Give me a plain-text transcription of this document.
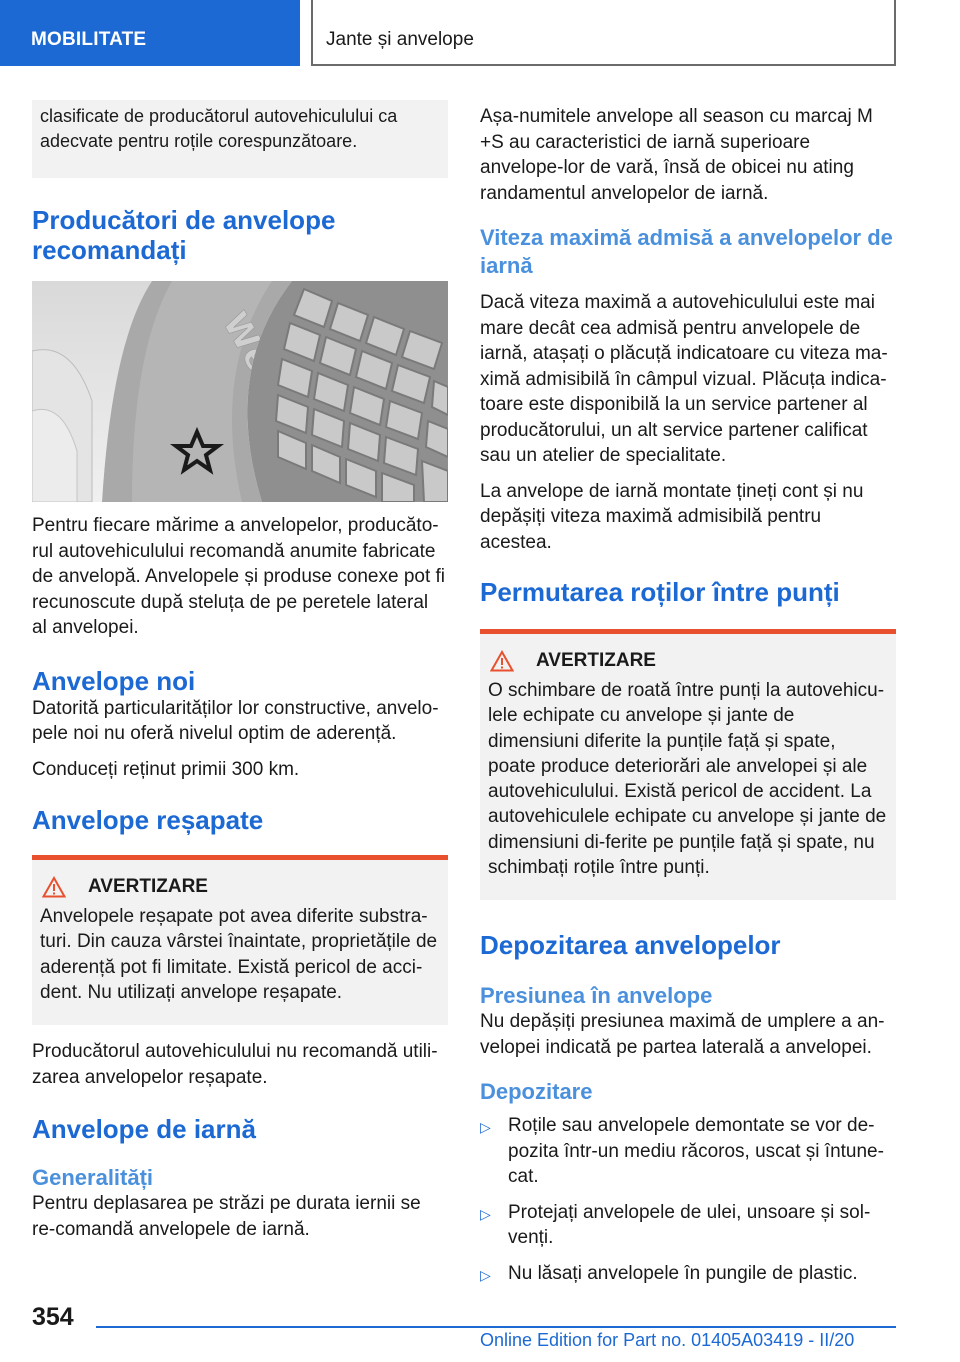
MOBILITATE	Jante și anvelope
clasificate de producătorul autovehiculului ca adecvate pentru roțile corespunzătoare.
Producători de anvelope recomandați

Pentru fiecare mărime a anvelopelor, producăto-rul autovehiculului recomandă anumite fabricate de anvelopă. Anvelopele și produse conexe pot fi recunoscute după steluța de pe peretele lateral al anvelopei.

Anvelope noi

Datorită particularităților lor constructive, anvelo-pele noi nu oferă nivelul optim de aderență.

Conduceți reținut primii 300 km.

Anvelope reșapate
AVERTIZARE
Anvelopele reșapate pot avea diferite substra-turi. Din cauza vârstei înaintate, proprietățile de aderență pot fi limitate. Există pericol de acci-dent. Nu utilizați anvelope reșapate.

Producătorul autovehiculului nu recomandă utili-zarea anvelopelor reșapate.

Anvelope de iarnă
Generalități

Pentru deplasarea pe străzi pe durata iernii se re-comandă anvelopele de iarnă.

Așa-numitele anvelope all season cu marcaj M +S au caracteristici de iarnă superioare anvelope-lor de vară, însă de obicei nu ating randamentul anvelopelor de iarnă.

Viteza maximă admisă a anvelopelor de iarnă

Dacă viteza maximă a autovehiculului este mai mare decât cea admisă pentru anvelopele de iarnă, atașați o plăcuță indicatoare cu viteza ma-ximă admisibilă în câmpul vizual. Plăcuța indica-toare este disponibilă la un service partener al producătorului, un alt service partener calificat sau un atelier de specialitate.

La anvelope de iarnă montate țineți cont și nu depășiți viteza maximă admisibilă pentru acestea.

Permutarea roților între punți
AVERTIZARE
O schimbare de roată între punți la autovehicu-lele echipate cu anvelope și jante de dimensiuni diferite la punțile față și spate, poate produce deteriorări ale anvelopei și ale autovehiculului. Există pericol de accident. La autovehiculele echipate cu anvelope și jante de dimensiuni di-ferite pe punțile față și spate, nu schimbați roțile între punți.
Depozitarea anvelopelor
Presiunea în anvelope

Nu depășiți presiunea maximă de umplere a an-velopei indicată pe partea laterală a anvelopei.

Depozitare
▷ Roțile sau anvelopele demontate se vor de-pozita într-un mediu răcoros, uscat și întune-cat.
▷ Protejați anvelopele de ulei, unsoare și sol-venți.
▷ Nu lăsați anvelopele în pungile de plastic.
354
Online Edition for Part no. 01405A03419 - II/20
